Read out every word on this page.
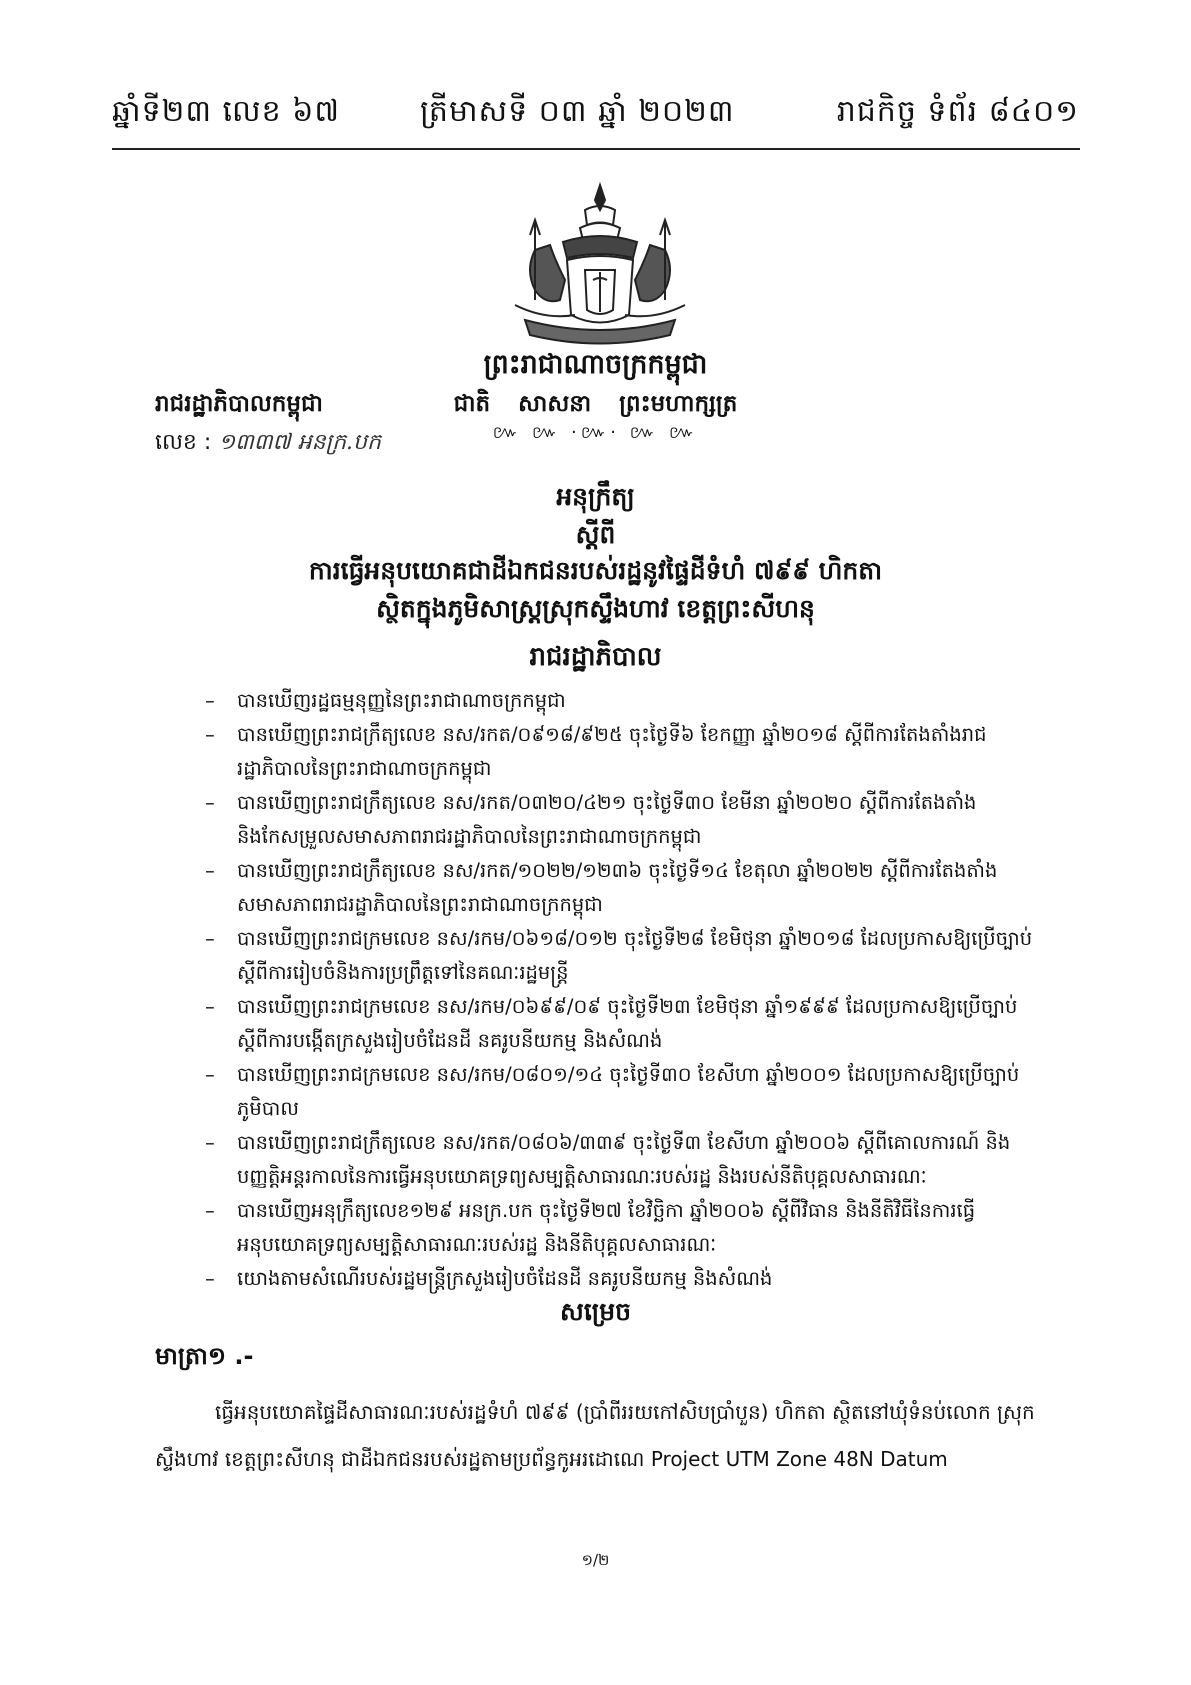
ឆ្នាំទី២៣ លេខ ៦៧	ត្រីមាសទី ០៣ ឆ្នាំ ២០២៣	រាជកិច្ច ទំព័រ ៨៤០១
ព្រះរាជាណាចក្រកម្ពុជា
ជាតិ សាសនា ព្រះមហាក្សត្រ
រាជរដ្ឋាភិបាលកម្ពុជា
៚ ៚ ·៚· ៚ ៚
លេខ : ១៣៣៧ អនក្រ.បក
អនុក្រឹត្យ
ស្តីពី
ការធ្វើអនុបយោគជាដីឯកជនរបស់រដ្ឋនូវផ្ទៃដីទំហំ ៧៩៩ ហិកតា
ស្ថិតក្នុងភូមិសាស្ត្រស្រុកស្ទឹងហាវ ខេត្តព្រះសីហនុ
រាជរដ្ឋាភិបាល
– បានឃើញរដ្ឋធម្មនុញ្ញនៃព្រះរាជាណាចក្រកម្ពុជា
– បានឃើញព្រះរាជក្រឹត្យលេខ នស/រកត/០៩១៨/៩២៥ ចុះថ្ងៃទី៦ ខែកញ្ញា ឆ្នាំ២០១៨ ស្តីពីការតែងតាំងរាជរដ្ឋាភិបាលនៃព្រះរាជាណាចក្រកម្ពុជា
– បានឃើញព្រះរាជក្រឹត្យលេខ នស/រកត/០៣២០/៤២១ ចុះថ្ងៃទី៣០ ខែមីនា ឆ្នាំ២០២០ ស្តីពីការតែងតាំង និងកែសម្រួលសមាសភាពរាជរដ្ឋាភិបាលនៃព្រះរាជាណាចក្រកម្ពុជា
– បានឃើញព្រះរាជក្រឹត្យលេខ នស/រកត/១០២២/១២៣៦ ចុះថ្ងៃទី១៤ ខែតុលា ឆ្នាំ២០២២ ស្តីពីការតែងតាំងសមាសភាពរាជរដ្ឋាភិបាលនៃព្រះរាជាណាចក្រកម្ពុជា
– បានឃើញព្រះរាជក្រមលេខ នស/រកម/០៦១៨/០១២ ចុះថ្ងៃទី២៨ ខែមិថុនា ឆ្នាំ២០១៨ ដែលប្រកាសឱ្យប្រើច្បាប់ស្តីពីការរៀបចំនិងការប្រព្រឹត្តទៅនៃគណៈរដ្ឋមន្ត្រី
– បានឃើញព្រះរាជក្រមលេខ នស/រកម/០៦៩៩/០៩ ចុះថ្ងៃទី២៣ ខែមិថុនា ឆ្នាំ១៩៩៩ ដែលប្រកាសឱ្យប្រើច្បាប់ស្តីពីការបង្កើតក្រសួងរៀបចំដែនដី នគរូបនីយកម្ម និងសំណង់
– បានឃើញព្រះរាជក្រមលេខ នស/រកម/០៨០១/១៤ ចុះថ្ងៃទី៣០ ខែសីហា ឆ្នាំ២០០១ ដែលប្រកាសឱ្យប្រើច្បាប់ភូមិបាល
– បានឃើញព្រះរាជក្រឹត្យលេខ នស/រកត/០៨០៦/៣៣៩ ចុះថ្ងៃទី៣ ខែសីហា ឆ្នាំ២០០៦ ស្តីពីគោលការណ៍ និងបញ្ញត្តិអន្តរកាលនៃការធ្វើអនុបយោគទ្រព្យសម្បត្តិសាធារណៈរបស់រដ្ឋ និងរបស់នីតិបុគ្គលសាធារណៈ
– បានឃើញអនុក្រឹត្យលេខ១២៩ អនក្រ.បក ចុះថ្ងៃទី២៧ ខែវិច្ឆិកា ឆ្នាំ២០០៦ ស្តីពីវិធាន និងនីតិវិធីនៃការធ្វើអនុបយោគទ្រព្យសម្បត្តិសាធារណៈរបស់រដ្ឋ និងនីតិបុគ្គលសាធារណៈ
– យោងតាមសំណើរបស់រដ្ឋមន្ត្រីក្រសួងរៀបចំដែនដី នគរូបនីយកម្ម និងសំណង់
សម្រេច
មាត្រា១ .-
ធ្វើអនុបយោគផ្ទៃដីសាធារណៈរបស់រដ្ឋទំហំ ៧៩៩ (ប្រាំពីររយកៅសិបប្រាំបួន) ហិកតា ស្ថិតនៅឃុំទំនប់លោក ស្រុកស្ទឹងហាវ ខេត្តព្រះសីហនុ ជាដីឯកជនរបស់រដ្ឋតាមប្រព័ន្ធកូអរដោណេ Project UTM Zone 48N Datum
១/២
